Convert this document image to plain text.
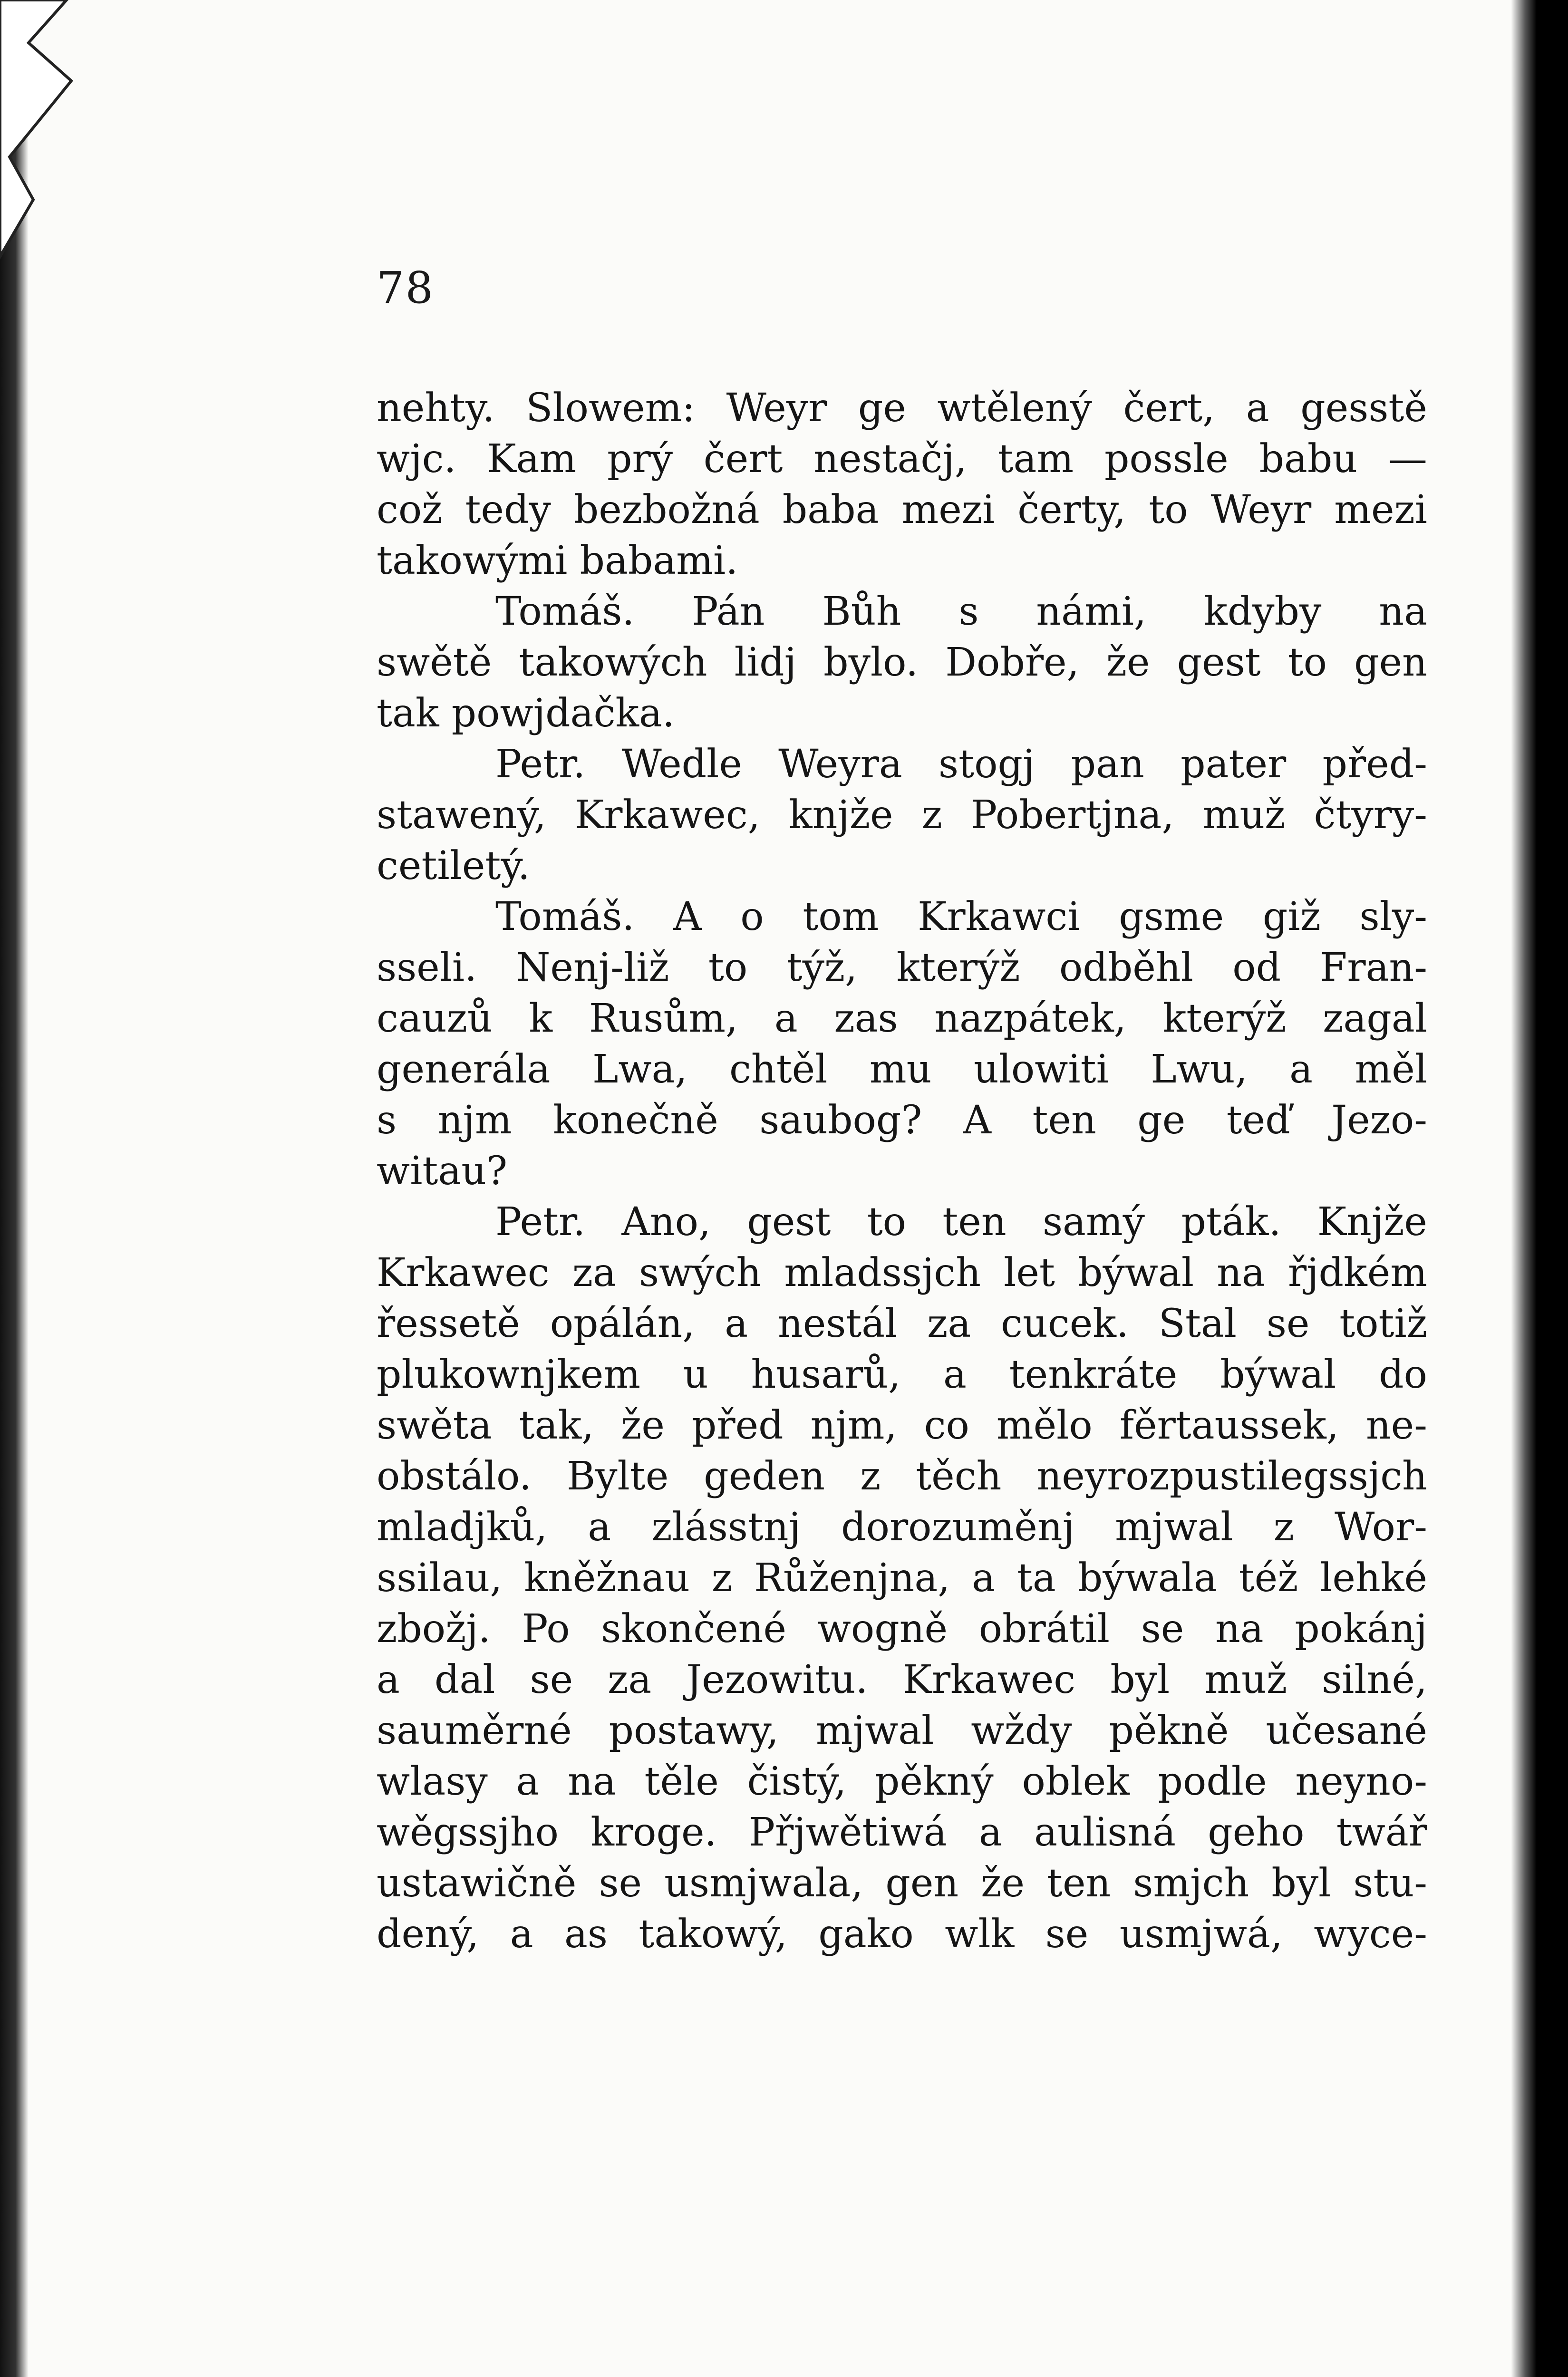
78
nehty. Slowem: Weyr ge wtělený čert, a gesstě
wjc. Kam prý čert nestačj, tam posslе babu —
což tedy bezbožná baba mezi čerty, to Weyr mezi
takowými babami.
Tomáš. Pán Bůh s námi, kdyby na
swětě takowých lidj bylo. Dobře, že gest to gen
tak powjdačka.
Petr. Wedle Weyra stogj pan pater před-
stawený, Krkawec, knjže z Pobertjna, muž čtyry-
cetiletý.
Tomáš. A o tom Krkawci gsme giž sly-
sseli. Nenj-liž to týž, kterýž odběhl od Fran-
cauzů k Rusům, a zas nazpátek, kterýž zagal
generála Lwa, chtěl mu ulowiti Lwu, a měl
s njm konečně saubog? A ten ge teď Jezo-
witau?
Petr. Ano, gest to ten samý pták. Knjže
Krkawec za swých mladssjch let býwal na řjdkém
řessetě opálán, a nestál za cucek. Stal se totiž
plukownjkem u husarů, a tenkráte býwal do
swěta tak, že před njm, co mělo fěrtaussek, ne-
obstálo. Bylte geden z těch neyrozpustilegssjch
mladjků, a zlásstnj dorozuměnj mjwal z Wor-
ssilau, kněžnau z Růženjna, a ta býwala též lehké
zbožj. Po skončené wogně obrátil se na pokánj
a dal se za Jezowitu. Krkawec byl muž silné,
sauměrné postawy, mjwal wždy pěkně učesané
wlasy a na těle čistý, pěkný oblek podle neyno-
wěgssjho kroge. Přjwětiwá a aulisná geho twář
ustawičně se usmjwala, gen že ten smjch byl stu-
dený, a as takowý, gako wlk se usmjwá, wyce-
